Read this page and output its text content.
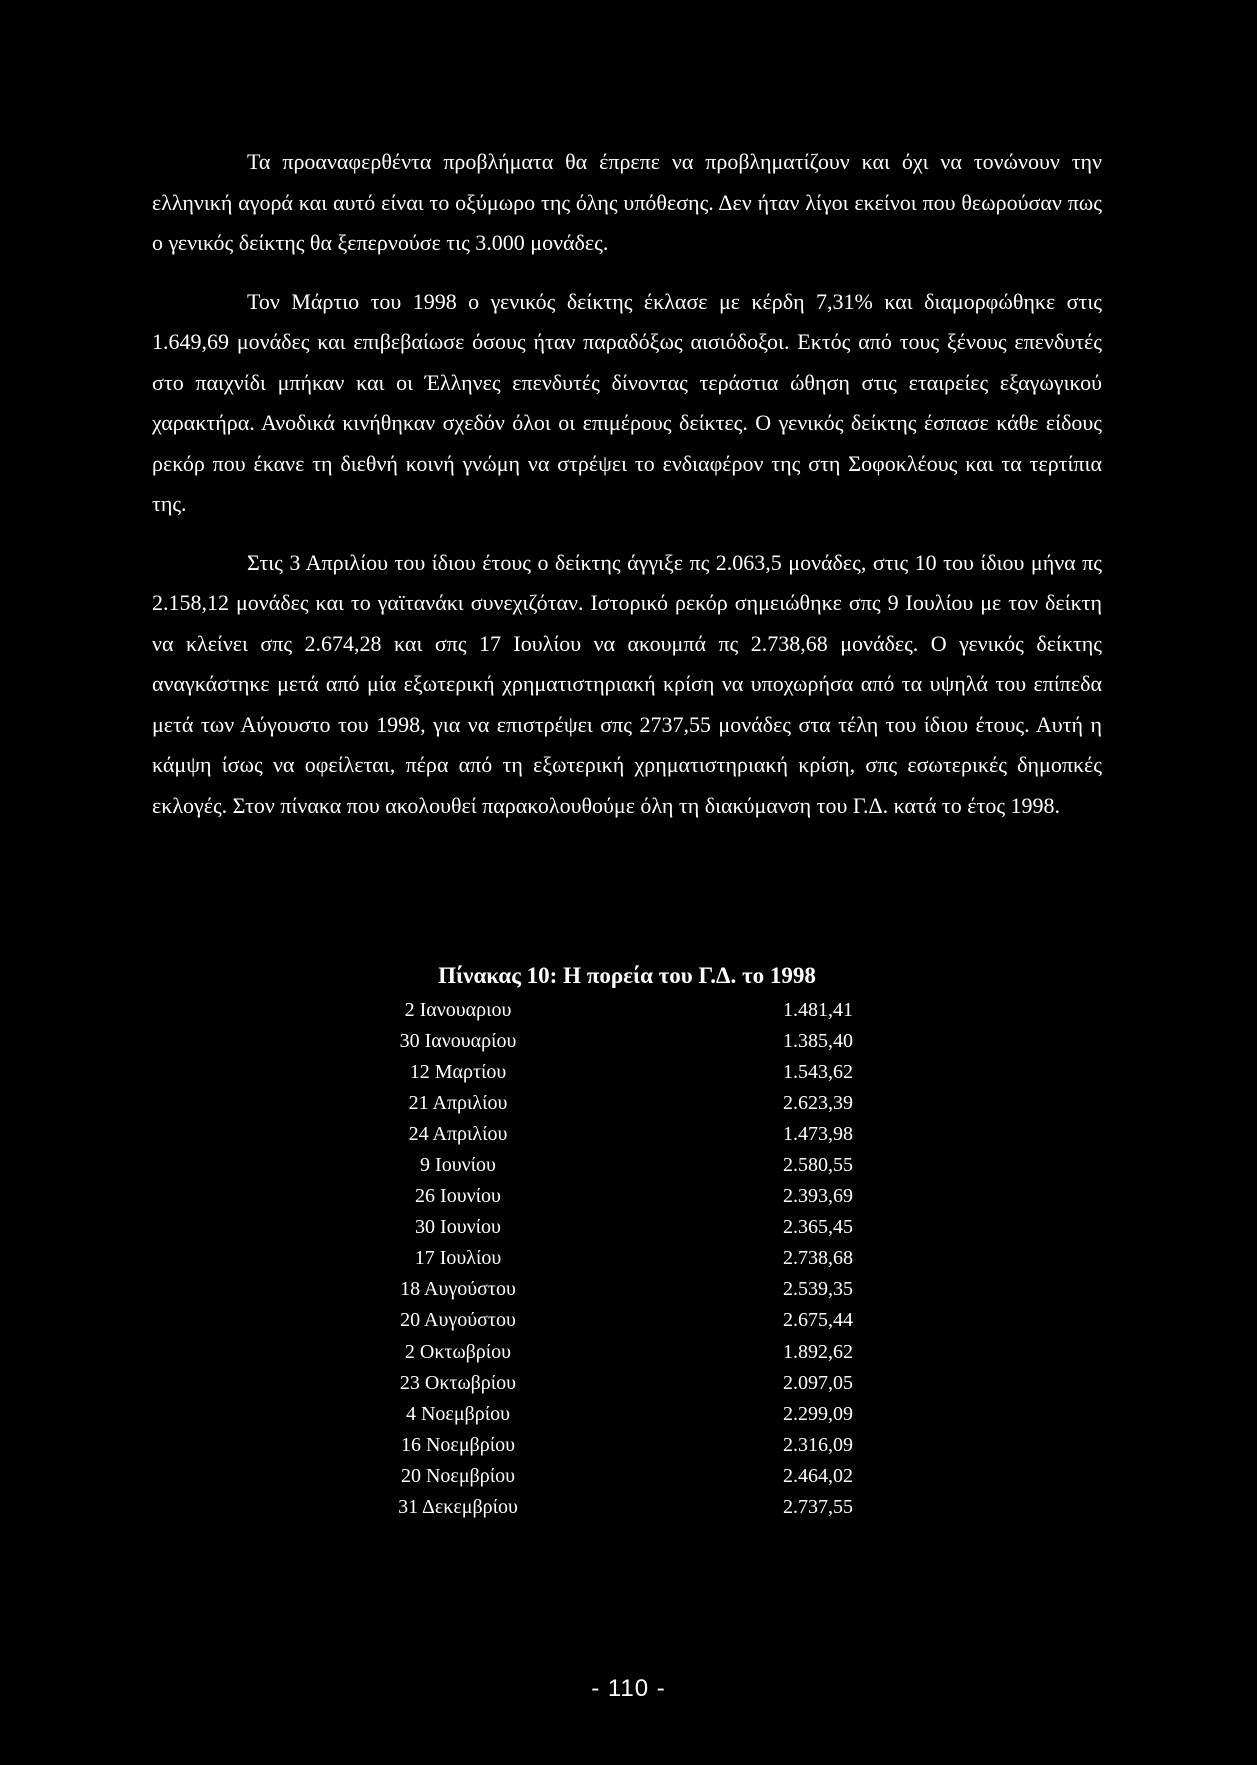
Τα προαναφερθέντα προβλήματα θα έπρεπε να προβληματίζουν και όχι να τονώνουν την ελληνική αγορά και αυτό είναι το οξύμωρο της όλης υπόθεσης. Δεν ήταν λίγοι εκείνοι που θεωρούσαν πως ο γενικός δείκτης θα ξεπερνούσε τις 3.000 μονάδες.

Τον Μάρτιο του 1998 ο γενικός δείκτης έκλασε με κέρδη 7,31% και διαμορφώθηκε στις 1.649,69 μονάδες και επιβεβαίωσε όσους ήταν παραδόξως αισιόδοξοι. Εκτός από τους ξένους επενδυτές στο παιχνίδι μπήκαν και οι Έλληνες επενδυτές δίνοντας τεράστια ώθηση στις εταιρείες εξαγωγικού χαρακτήρα. Ανοδικά κινήθηκαν σχεδόν όλοι οι επιμέρους δείκτες. Ο γενικός δείκτης έσπασε κάθε είδους ρεκόρ που έκανε τη διεθνή κοινή γνώμη να στρέψει το ενδιαφέρον της στη Σοφοκλέους και τα τερτίπια της.

Στις 3 Απριλίου του ίδιου έτους ο δείκτης άγγιξε πς 2.063,5 μονάδες, στις 10 του ίδιου μήνα πς 2.158,12 μονάδες και το γαϊτανάκι συνεχιζόταν. Ιστορικό ρεκόρ σημειώθηκε σπς 9 Ιουλίου με τον δείκτη να κλείνει σπς 2.674,28 και σπς 17 Ιουλίου να ακουμπά πς 2.738,68 μονάδες. Ο γενικός δείκτης αναγκάστηκε μετά από μία εξωτερική χρηματιστηριακή κρίση να υποχωρήσα από τα υψηλά του επίπεδα μετά των Αύγουστο του 1998, για να επιστρέψει σπς 2737,55 μονάδες στα τέλη του ίδιου έτους. Αυτή η κάμψη ίσως να οφείλεται, πέρα από τη εξωτερική χρηματιστηριακή κρίση, σπς εσωτερικές δημοπκές εκλογές. Στον πίνακα που ακολουθεί παρακολουθούμε όλη τη διακύμανση του Γ.Δ. κατά το έτος 1998.

Πίνακας 10: Η πορεία του Γ.Δ. το 1998
2 Ιανουαριου	1.481,41
30 Ιανουαρίου	1.385,40
12 Μαρτίου	1.543,62
21 Απριλίου	2.623,39
24 Απριλίου	1.473,98
9 Ιουνίου	2.580,55
26 Ιουνίου	2.393,69
30 Ιουνίου	2.365,45
17 Ιουλίου	2.738,68
18 Αυγούστου	2.539,35
20 Αυγούστου	2.675,44
2 Οκτωβρίου	1.892,62
23 Οκτωβρίου	2.097,05
4 Νοεμβρίου	2.299,09
16 Νοεμβρίου	2.316,09
20 Νοεμβρίου	2.464,02
31 Δεκεμβρίου	2.737,55
- 110 -
